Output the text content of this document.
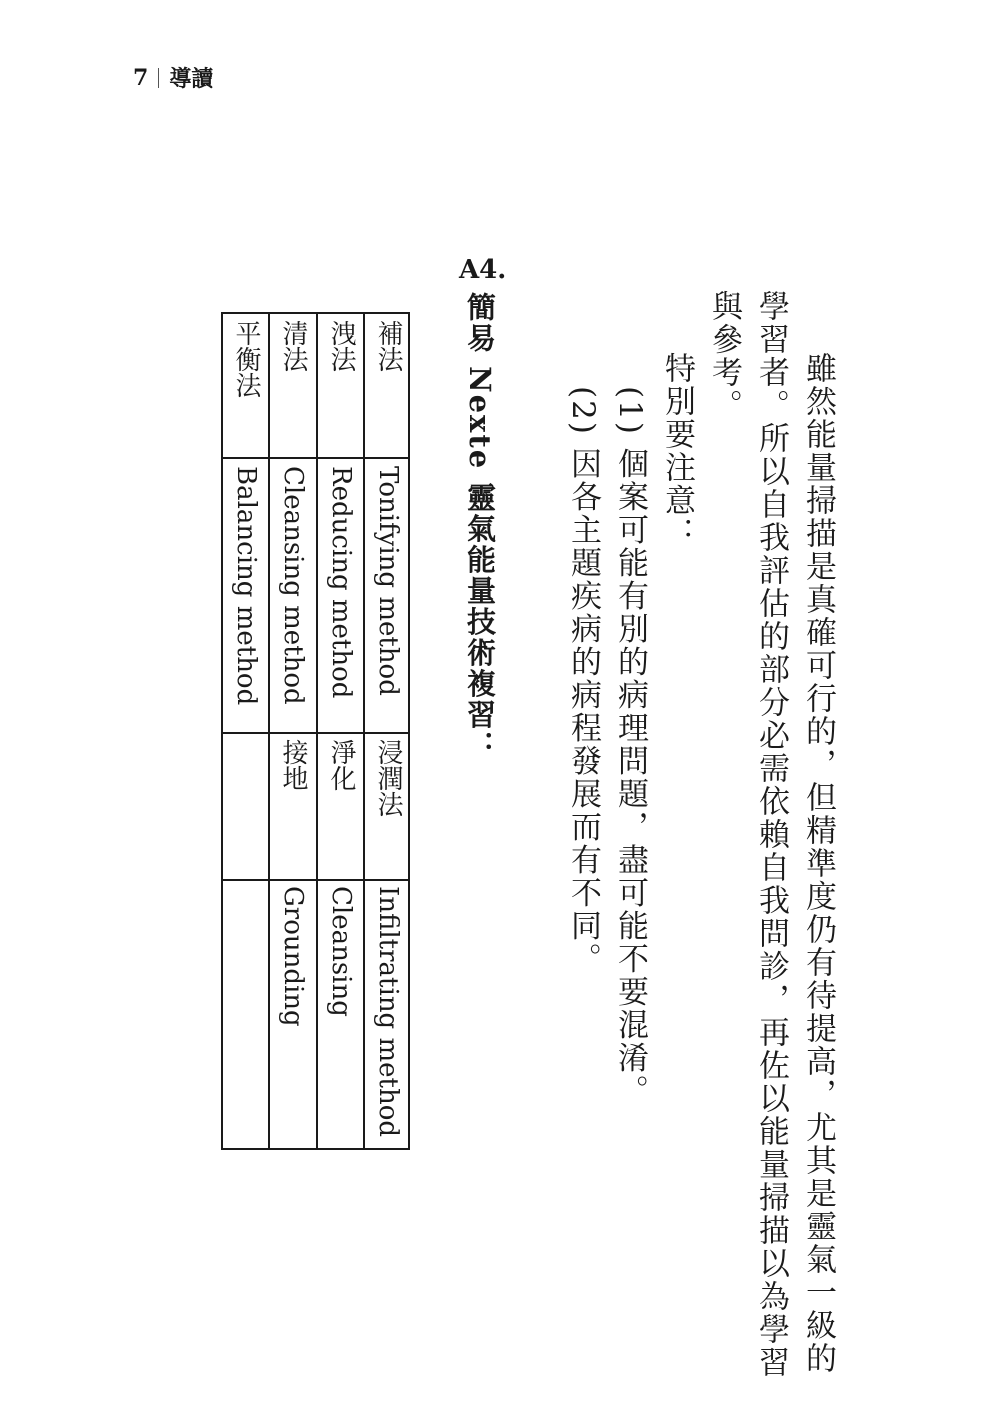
7 導讀
雖然能量掃描是真確可行的，但精準度仍有待提高，尤其是靈氣一級的
學習者。所以自我評估的部分必需依賴自我問診，再佐以能量掃描以為學習
與參考。
特別要注意：
(1) 個案可能有別的病理問題，盡可能不要混淆。
(2) 因各主題疾病的病程發展而有不同。
A4.
簡易 Nexte 靈氣能量技術複習：
補法
Tonifying method
浸潤法
Infiltrating method
洩法
Reducing method
淨化
Cleansing
清法
Cleansing method
接地
Grounding
平衡法
Balancing method
